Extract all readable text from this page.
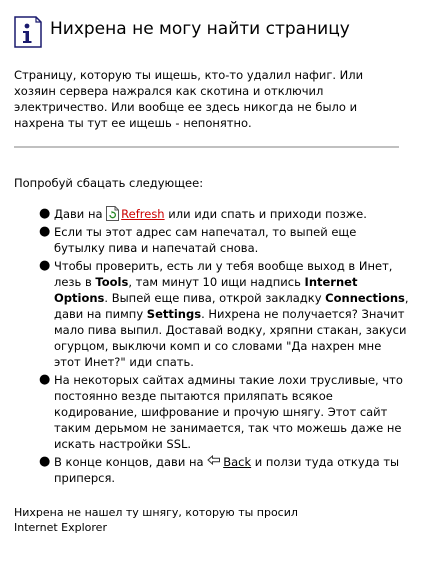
Нихрена не могу найти страницу
Страницу, которую ты ищешь, кто-то удалил нафиг. Или хозяин сервера нажрался как скотина и отключил электричество. Или вообще ее здесь никогда не было и нахрена ты тут ее ищешь - непонятно.
Попробуй сбацать следующее:
● Дави на Refresh или иди спать и приходи позже.
● Если ты этот адрес сам напечатал, то выпей еще бутылку пива и напечатай снова.
● Чтобы проверить, есть ли у тебя вообще выход в Инет, лезь в Tools, там минут 10 ищи надпись Internet Options. Выпей еще пива, открой закладку Connections, дави на пимпу Settings. Нихрена не получается? Значит мало пива выпил. Доставай водку, хряпни стакан, закуси огурцом, выключи комп и со словами "Да нахрен мне этот Инет?" иди спать.
● На некоторых сайтах админы такие лохи трусливые, что постоянно везде пытаются приляпать всякое кодирование, шифрование и прочую шнягу. Этот сайт таким дерьмом не занимается, так что можешь даже не искать настройки SSL.
● В конце концов, дави на Back и ползи туда откуда ты приперся.
Нихрена не нашел ту шнягу, которую ты просил
Internet Explorer
